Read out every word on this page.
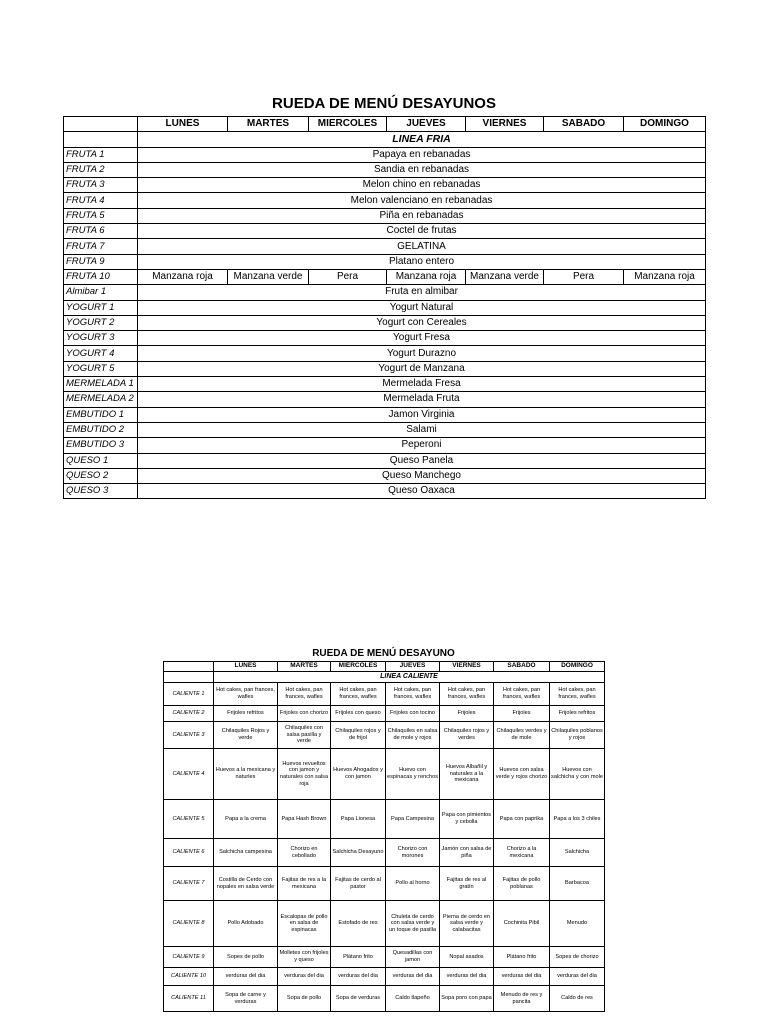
RUEDA DE MENÚ DESAYUNOS
	LUNES	MARTES	MIERCOLES	JUEVES	VIERNES	SABADO	DOMINGO
	LINEA FRIA						
FRUTA 1	Papaya en rebanadas						
FRUTA 2	Sandia en rebanadas						
FRUTA 3	Melon chino en rebanadas						
FRUTA 4	Melon valenciano en rebanadas						
FRUTA 5	Piña en rebanadas						
FRUTA 6	Coctel de frutas						
FRUTA 7	GELATINA						
FRUTA 9	Platano entero						
FRUTA 10	Manzana roja	Manzana verde	Pera	Manzana roja	Manzana verde	Pera	Manzana roja
Almibar 1	Fruta en almibar						
YOGURT 1	Yogurt Natural						
YOGURT 2	Yogurt con Cereales						
YOGURT 3	Yogurt Fresa						
YOGURT 4	Yogurt Durazno						
YOGURT 5	Yogurt de Manzana						
MERMELADA 1	Mermelada Fresa						
MERMELADA 2	Mermelada Fruta						
EMBUTIDO 1	Jamon Virginia						
EMBUTIDO 2	Salami						
EMBUTIDO 3	Peperoni						
QUESO 1	Queso Panela						
QUESO 2	Queso Manchego						
QUESO 3	Queso Oaxaca						
RUEDA DE MENÚ DESAYUNO
	LUNES	MARTES	MIERCOLES	JUEVES	VIERNES	SABADO	DOMINGO
	LINEA CALIENTE						
CALIENTE 1	Hot cakes, pan frances, wafles	Hot cakes, pan frances, wafles	Hot cakes, pan frances, wafles	Hot cakes, pan frances, wafles	Hot cakes, pan frances, wafles	Hot cakes, pan frances, wafles	Hot cakes, pan frances, wafles
CALIENTE 2	Frijoles refritos	Frijoles con chorizo	Frijoles con queso	Frijoles con tocino	Frijoles	Frijoles	Frijoles refritos
CALIENTE 3	Chilaquiles Rojos y verde	Chilaquiles con salsa pasilla y verde	Chilaquiles rojos y de frijol	Chilaquiles en salsa de mole y rojos	Chilaquiles rojos y verdes	Chilaquiles verdes y de mole	Chilaquiles poblanos y rojos
CALIENTE 4	Huevos a la mexicana y naturles	Huevos revueltos con jamon y naturales con salsa roja	Huevos Ahogados y con jamon	Huevo con espinacas y renchos	Huevos Albañil y naturales a la mexicana	Huevos con salsa verde y rojos chorizo	Huevos con salchicha y con mole
CALIENTE 5	Papa a la crema	Papa Hash Brown	Papa Lionesa	Papa Campesina	Papa con pimientos y cebolla	Papa con paprika	Papa a los 3 chiles
CALIENTE 6	Salchicha campesina	Chorizo en cebollado	Salchicha Desayuno	Chorizo con morones	Jamón con salsa de piña	Chorizo a la mexicana	Salchicha
CALIENTE 7	Costilla de Cerdo con nopales en salsa verde	Fajitas de res a la mexicana	Fajitas de cerdo al pastor	Pollo al horno	Fajitas de res al gratín	Fajitas de pollo poblanas	Barbacoa
CALIENTE 8	Pollo Adobado	Escalopas de pollo en salsa de espinacas	Estofado de res	Chuleta de cerdo con salsa verde y un toque de pasilla	Pierna de cerdo en salsa verde y calabacitas	Cochinita Pibil	Menudo
CALIENTE 9	Sopes de pollo	Molletes con frijoles y queso	Plátano frito	Quesadillas con jamon	Nopal asados	Plátano frito	Sopes de chorizo
CALIENTE 10	verduras del dia	verduras del dia	verduras del dia	verduras del dia	verduras del dia	verduras del dia	verduras del dia
CALIENTE 11	Sopa de carne y verduras	Sopa de pollo	Sopa de verduras	Caldo tlapeño	Sopa poro con papa	Menudo de res y pancita	Caldo de res
